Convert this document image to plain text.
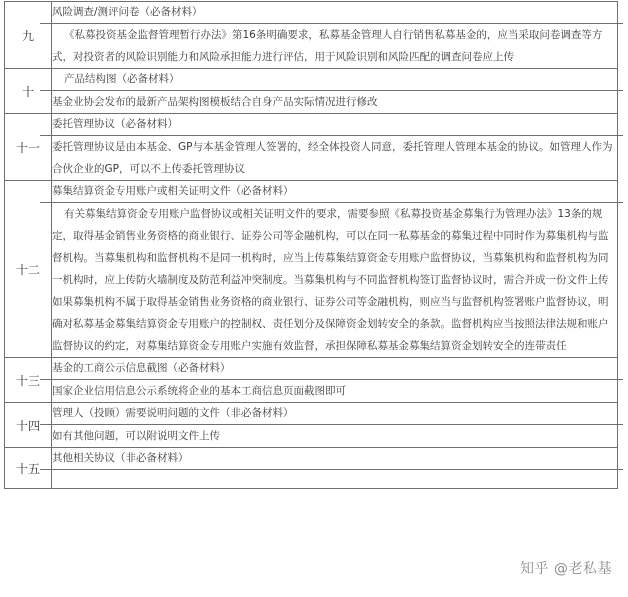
九	风险调查/测评问卷（必备材料）

《私募投资基金监督管理暂行办法》第16条明确要求，私募基金管理人自行销售私募基金的，应当采取问卷调查等方式，对投资者的风险识别能力和风险承担能力进行评估，用于风险识别和风险匹配的调查问卷应上传

十	产品结构图（必备材料）

基金业协会发布的最新产品架构图模板结合自身产品实际情况进行修改

十一	委托管理协议（必备材料）

委托管理协议是由本基金、GP与本基金管理人签署的，经全体投资人同意，委托管理人管理本基金的协议。如管理人作为合伙企业的GP，可以不上传委托管理协议

十二	募集结算资金专用账户或相关证明文件（必备材料）

有关募集结算资金专用账户监督协议或相关证明文件的要求，需要参照《私募投资基金募集行为管理办法》13条的规定，取得基金销售业务资格的商业银行、证券公司等金融机构，可以在同一私募基金的募集过程中同时作为募集机构与监督机构。当募集机构和监督机构不是同一机构时，应当上传募集结算资金专用账户监督协议，当募集机构和监督机构为同一机构时，应上传防火墙制度及防范利益冲突制度。当募集机构与不同监督机构签订监督协议时，需合并成一份文件上传

如果募集机构不属于取得基金销售业务资格的商业银行、证券公司等金融机构，则应当与监督机构签署账户监督协议，明确对私募基金募集结算资金专用账户的控制权、责任划分及保障资金划转安全的条款。监督机构应当按照法律法规和账户监督协议的约定，对募集结算资金专用账户实施有效监督，承担保障私募基金募集结算资金划转安全的连带责任

十三	基金的工商公示信息截图（必备材料）

国家企业信用信息公示系统将企业的基本工商信息页面截图即可

十四	管理人（投顾）需要说明问题的文件（非必备材料）

如有其他问题，可以附说明文件上传

十五	其他相关协议（非必备材料）
知乎 @老私基
